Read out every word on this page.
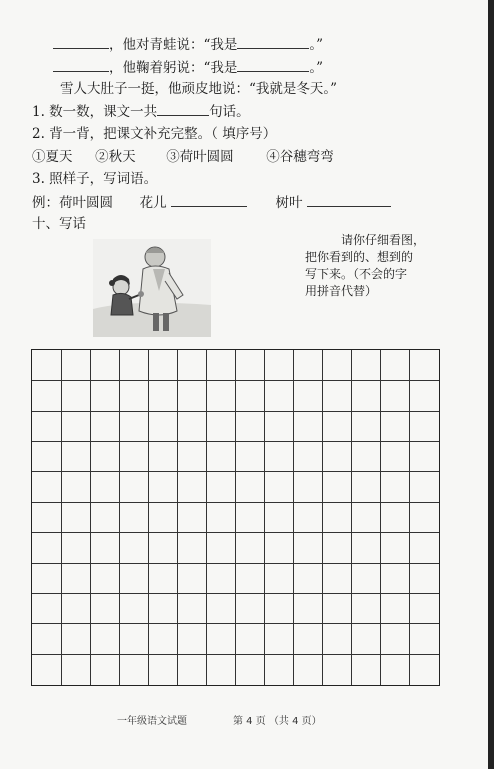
，他对青蛙说：“我是	。”
，他鞠着躬说：“我是	。”
雪人大肚子一挺，他顽皮地说：“我就是冬天。”
1. 数一数，课文一共	句话。
2. 背一背，把课文补充完整。（ 填序号）
①夏天 ②秋天 ③荷叶圆圆 ④谷穗弯弯
3. 照样子，写词语。
例：荷叶圆圆 花儿	树叶
十、写话
请你仔细看图，
把你看到的、想到的
写下来。（不会的字
用拼音代替）
一年级语文试题	第 4 页 （共 4 页）
